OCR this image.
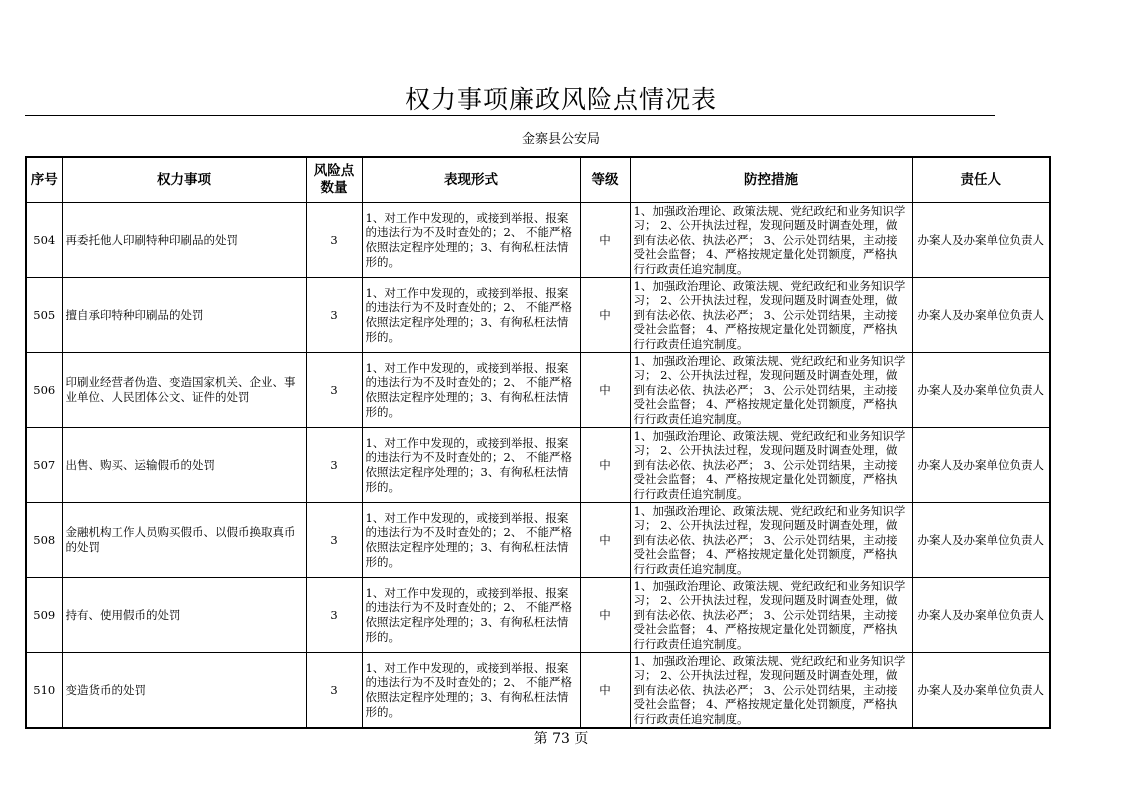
权力事项廉政风险点情况表
金寨县公安局
序号	权力事项	风险点数量	表现形式	等级	防控措施	责任人
504	再委托他人印刷特种印刷品的处罚	3	1、对工作中发现的，或接到举报、报案的违法行为不及时查处的；2、 不能严格依照法定程序处理的；3、有徇私枉法情形的。	中	1、加强政治理论、政策法规、党纪政纪和业务知识学习； 2、公开执法过程，发现问题及时调查处理，做到有法必依、执法必严； 3、公示处罚结果，主动接受社会监督； 4、严格按规定量化处罚额度，严格执行行政责任追究制度。	办案人及办案单位负责人
505	擅自承印特种印刷品的处罚	3	1、对工作中发现的，或接到举报、报案的违法行为不及时查处的；2、 不能严格依照法定程序处理的；3、有徇私枉法情形的。	中	1、加强政治理论、政策法规、党纪政纪和业务知识学习； 2、公开执法过程，发现问题及时调查处理，做到有法必依、执法必严； 3、公示处罚结果，主动接受社会监督； 4、严格按规定量化处罚额度，严格执行行政责任追究制度。	办案人及办案单位负责人
506	印刷业经营者伪造、变造国家机关、企业、事业单位、人民团体公文、证件的处罚	3	1、对工作中发现的，或接到举报、报案的违法行为不及时查处的；2、 不能严格依照法定程序处理的；3、有徇私枉法情形的。	中	1、加强政治理论、政策法规、党纪政纪和业务知识学习； 2、公开执法过程，发现问题及时调查处理，做到有法必依、执法必严； 3、公示处罚结果，主动接受社会监督； 4、严格按规定量化处罚额度，严格执行行政责任追究制度。	办案人及办案单位负责人
507	出售、购买、运输假币的处罚	3	1、对工作中发现的，或接到举报、报案的违法行为不及时查处的；2、 不能严格依照法定程序处理的；3、有徇私枉法情形的。	中	1、加强政治理论、政策法规、党纪政纪和业务知识学习； 2、公开执法过程，发现问题及时调查处理，做到有法必依、执法必严； 3、公示处罚结果，主动接受社会监督； 4、严格按规定量化处罚额度，严格执行行政责任追究制度。	办案人及办案单位负责人
508	金融机构工作人员购买假币、以假币换取真币的处罚	3	1、对工作中发现的，或接到举报、报案的违法行为不及时查处的；2、 不能严格依照法定程序处理的；3、有徇私枉法情形的。	中	1、加强政治理论、政策法规、党纪政纪和业务知识学习； 2、公开执法过程，发现问题及时调查处理，做到有法必依、执法必严； 3、公示处罚结果，主动接受社会监督； 4、严格按规定量化处罚额度，严格执行行政责任追究制度。	办案人及办案单位负责人
509	持有、使用假币的处罚	3	1、对工作中发现的，或接到举报、报案的违法行为不及时查处的；2、 不能严格依照法定程序处理的；3、有徇私枉法情形的。	中	1、加强政治理论、政策法规、党纪政纪和业务知识学习； 2、公开执法过程，发现问题及时调查处理，做到有法必依、执法必严； 3、公示处罚结果，主动接受社会监督； 4、严格按规定量化处罚额度，严格执行行政责任追究制度。	办案人及办案单位负责人
510	变造货币的处罚	3	1、对工作中发现的，或接到举报、报案的违法行为不及时查处的；2、 不能严格依照法定程序处理的；3、有徇私枉法情形的。	中	1、加强政治理论、政策法规、党纪政纪和业务知识学习； 2、公开执法过程，发现问题及时调查处理，做到有法必依、执法必严； 3、公示处罚结果，主动接受社会监督； 4、严格按规定量化处罚额度，严格执行行政责任追究制度。	办案人及办案单位负责人
第 73 页
